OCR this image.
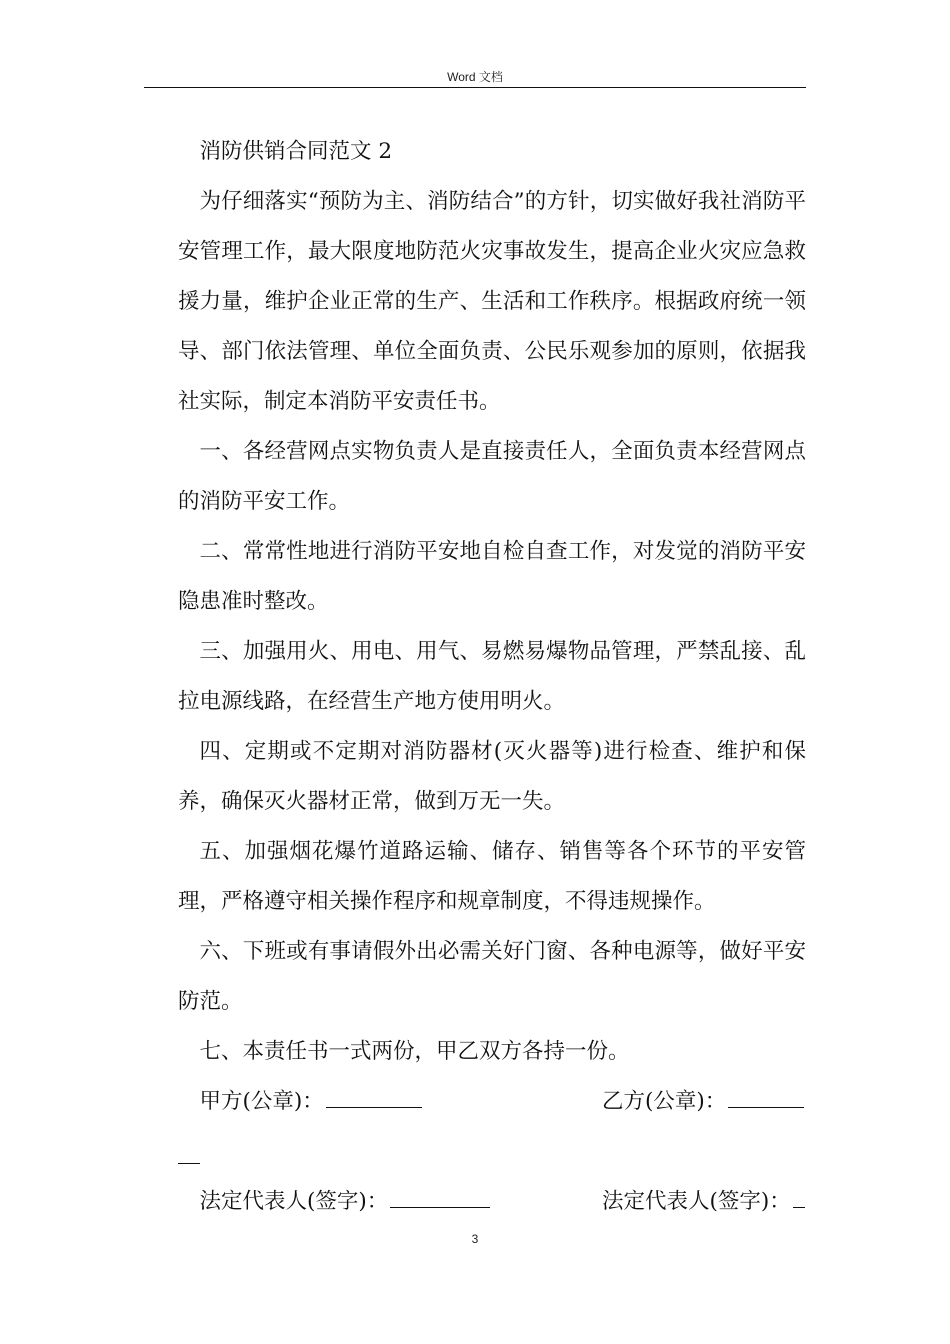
Word 文档

消防供销合同范文 2

为仔细落实“预防为主、消防结合”的方针，切实做好我社消防平安管理工作，最大限度地防范火灾事故发生，提高企业火灾应急救援力量，维护企业正常的生产、生活和工作秩序。根据政府统一领导、部门依法管理、单位全面负责、公民乐观参加的原则，依据我社实际，制定本消防平安责任书。

一、各经营网点实物负责人是直接责任人，全面负责本经营网点的消防平安工作。

二、常常性地进行消防平安地自检自查工作，对发觉的消防平安隐患准时整改。

三、加强用火、用电、用气、易燃易爆物品管理，严禁乱接、乱拉电源线路，在经营生产地方使用明火。

四、定期或不定期对消防器材(灭火器等)进行检查、维护和保养，确保灭火器材正常，做到万无一失。

五、加强烟花爆竹道路运输、储存、销售等各个环节的平安管理，严格遵守相关操作程序和规章制度，不得违规操作。

六、下班或有事请假外出必需关好门窗、各种电源等，做好平安防范。

七、本责任书一式两份，甲乙双方各持一份。

甲方(公章)：	乙方(公章)：
法定代表人(签字)：	法定代表人(签字)：
3
